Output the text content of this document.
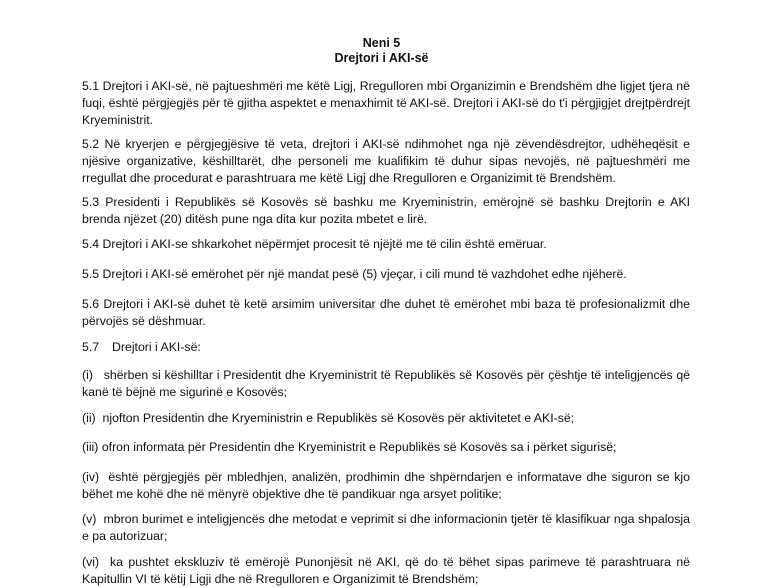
Neni 5
Drejtori i AKI-së
5.1 Drejtori i AKI-së, në pajtueshmëri me këtë Ligj, Rregulloren mbi Organizimin e Brendshëm dhe ligjet tjera në fuqi, është përgjegjës për të gjitha aspektet e menaxhimit të AKI-së. Drejtori i AKI-së do t'i përgjigjet drejtpërdrejt Kryeministrit.
5.2 Në kryerjen e përgjegjësive të veta, drejtori i AKI-së ndihmohet nga një zëvendësdrejtor, udhëheqësit e njësive organizative, këshilltarët, dhe personeli me kualifikim të duhur sipas nevojës, në pajtueshmëri me rregullat dhe procedurat e parashtruara me këtë Ligj dhe Rregulloren e Organizimit të Brendshëm.
5.3 Presidenti i Republikës së Kosovës së bashku me Kryeministrin, emërojnë së bashku Drejtorin e AKI brenda njëzet (20) ditësh pune nga dita kur pozita mbetet e lirë.
5.4 Drejtori i AKI-se shkarkohet nëpërmjet procesit të njëjtë me të cilin është emëruar.
5.5 Drejtori i AKI-së emërohet për një mandat pesë (5) vjeçar, i cili mund të vazhdohet edhe njëherë.
5.6 Drejtori i AKI-së duhet të ketë arsimim universitar dhe duhet të emërohet mbi baza të profesionalizmit dhe përvojës së dëshmuar.
5.7 Drejtori i AKI-së:
(i) shërben si këshilltar i Presidentit dhe Kryeministrit të Republikës së Kosovës për çështje të inteligjencës që kanë të bëjnë me sigurinë e Kosovës;
(ii) njofton Presidentin dhe Kryeministrin e Republikës së Kosovës për aktivitetet e AKI-së;
(iii) ofron informata për Presidentin dhe Kryeministrit e Republikës së Kosovës sa i përket sigurisë;
(iv) është përgjegjës për mbledhjen, analizën, prodhimin dhe shpërndarjen e informatave dhe siguron se kjo bëhet me kohë dhe në mënyrë objektive dhe të pandikuar nga arsyet politike;
(v) mbron burimet e inteligjencës dhe metodat e veprimit si dhe informacionin tjetër të klasifikuar nga shpalosja e pa autorizuar;
(vi) ka pushtet ekskluziv të emërojë Punonjësit në AKI, që do të bëhet sipas parimeve të parashtruara në Kapitullin VI të këtij Ligji dhe në Rregulloren e Organizimit të Brendshëm;
